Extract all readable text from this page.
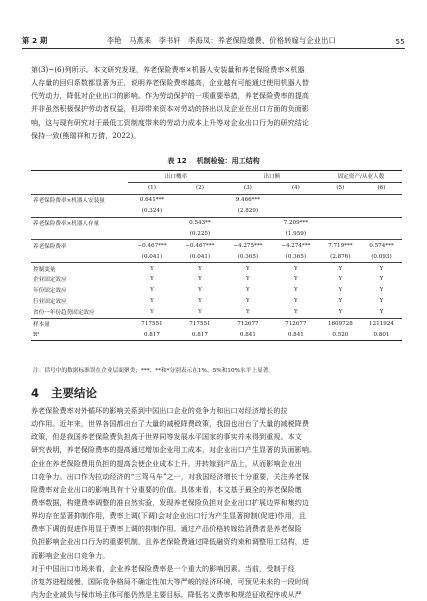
第 2 期	李艳　马燕来　李书轩　李海凤：养老保险缴费、价格转嫁与企业出口	55
第(3)~(6)列所示。本文研究发现，养老保险费率×机器人安装量和养老保险费率×机器
人存量的回归系数都显著为正，说明养老保险费率越高，企业越有可能通过使用机器人替
代劳动力，降低对企业出口的影响。作为劳动保护的一项重要举措，养老保险费率的提高
并非虽然积极保护劳动者权益，但却带来资本对劳动的挤出以及企业在出口方面的负面影
响，这与现有研究对于最低工资制度带来的劳动力成本上升等对企业出口行为的研究结论
保持一致(熊瑞祥和万倩，2022)。
表 12 机制检验：用工结构
	出口概率		出口额		固定资产/从业人数	
	(1)	(2)	(3)	(4)	(5)	(6)
养老保险费率×机器人安装量	0.641***		9.466***			
	(0.324)		(2.829)			
养老保险费率×机器人存量		0.543**		7.209***		
		(0.225)		(1.959)		
养老保险费率	−0.467***	−0.467***	−4.275***	−4.274***	7.719***	0.574***
	(0.041)	(0.041)	(0.365)	(0.365)	(2.876)	(0.093)
控制变量	Y	Y	Y	Y	Y	Y
企业固定效应	Y	Y	Y	Y	Y	Y
年份固定效应	Y	Y	Y	Y	Y	Y
行业固定效应	Y	Y	Y	Y	Y	Y
省份一年份趋势固定效应	Y	Y	Y	Y	Y	Y
样本量	717551	717551	712677	712677	1609728	1211924
R²	0.817	0.817	0.841	0.841	0.520	0.801
注：括号中的数据标准误在企业层面聚类；***、**和*分别表示在1%、5%和10%水平上显著。
4 主要结论
养老保险费率对外循环的影响关系到中国出口企业的竞争力和出口对经济增长的拉
动作用。近年来，世界各国都出台了大量的减税降费政策，我国也出台了大量的减税降费
政策，但是我国养老保险费负担高于世界同等发展水平国家的事实并未得到重视。本文
研究表明，养老保险费率的提高通过增加企业用工成本，对企业出口产生显著的负面影响。
企业在养老保险费用负担的提高会使企业成本上升，并转嫁到产品上，从而影响企业出
口竞争力。出口作为拉动经济的“三驾马车”之一，对我国经济增长十分重要，关注养老保
险费率对企业出口的影响具有十分重要的价值。具体来看，本文基于最全的养老保险缴
费率数据，构建费率调整的准自然实验，发现养老保险负担对企业出口扩展边界和集约边
界均存在显著抑制作用，费率上调(下调)会对企业出口行为产生显著抑制(促进)作用，且
费率下调的促进作用显于费率上调的抑制作用。通过产品价格转嫁给消费者是养老保险
负担影响企业出口行为的重要机制，且养老保险费通过降低融资约束和调整用工结构，进
而影响企业出口竞争力。
对于中国出口市场来看，企业养老保险费率是一个重大的影响因素。当前，受制于经
济复苏进程缓慢，国际竞争格局不确定性加大等严峻的经济环境，可预见未来的一段时间
内为企业减负与保市场主体可能仍然是主要目标。降低名义费率和规范征收程序或从严
